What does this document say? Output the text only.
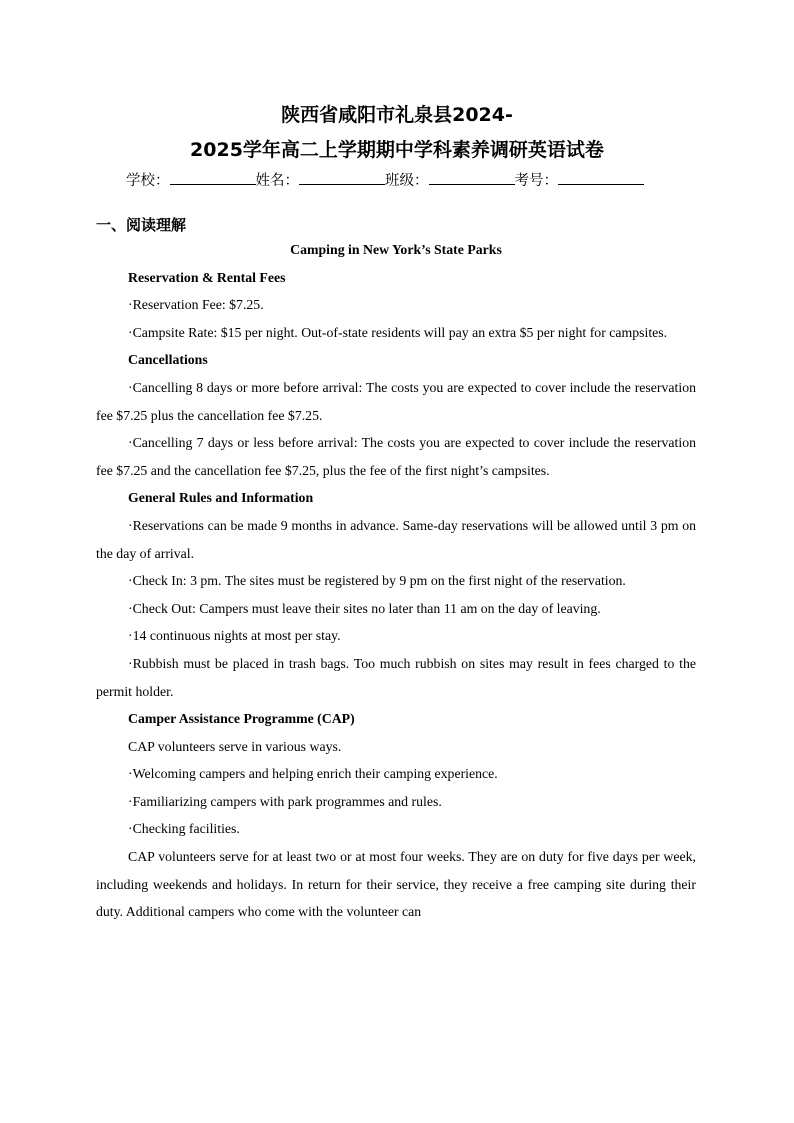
陕西省咸阳市礼泉县2024-
2025学年高二上学期期中学科素养调研英语试卷
学校：	姓名：	班级：	考号：
一、阅读理解

Camping in New York’s State Parks

Reservation & Rental Fees

·Reservation Fee: $7.25.

·Campsite Rate: $15 per night. Out-of-state residents will pay an extra $5 per night for campsites.

Cancellations

·Cancelling 8 days or more before arrival: The costs you are expected to cover include the reservation fee $7.25 plus the cancellation fee $7.25.

·Cancelling 7 days or less before arrival: The costs you are expected to cover include the reservation fee $7.25 and the cancellation fee $7.25, plus the fee of the first night’s campsites.

General Rules and Information

·Reservations can be made 9 months in advance. Same-day reservations will be allowed until 3 pm on the day of arrival.

·Check In: 3 pm. The sites must be registered by 9 pm on the first night of the reservation.

·Check Out: Campers must leave their sites no later than 11 am on the day of leaving.

·14 continuous nights at most per stay.

·Rubbish must be placed in trash bags. Too much rubbish on sites may result in fees charged to the permit holder.

Camper Assistance Programme (CAP)

CAP volunteers serve in various ways.

·Welcoming campers and helping enrich their camping experience.

·Familiarizing campers with park programmes and rules.

·Checking facilities.

CAP volunteers serve for at least two or at most four weeks. They are on duty for five days per week, including weekends and holidays. In return for their service, they receive a free camping site during their duty. Additional campers who come with the volunteer can
